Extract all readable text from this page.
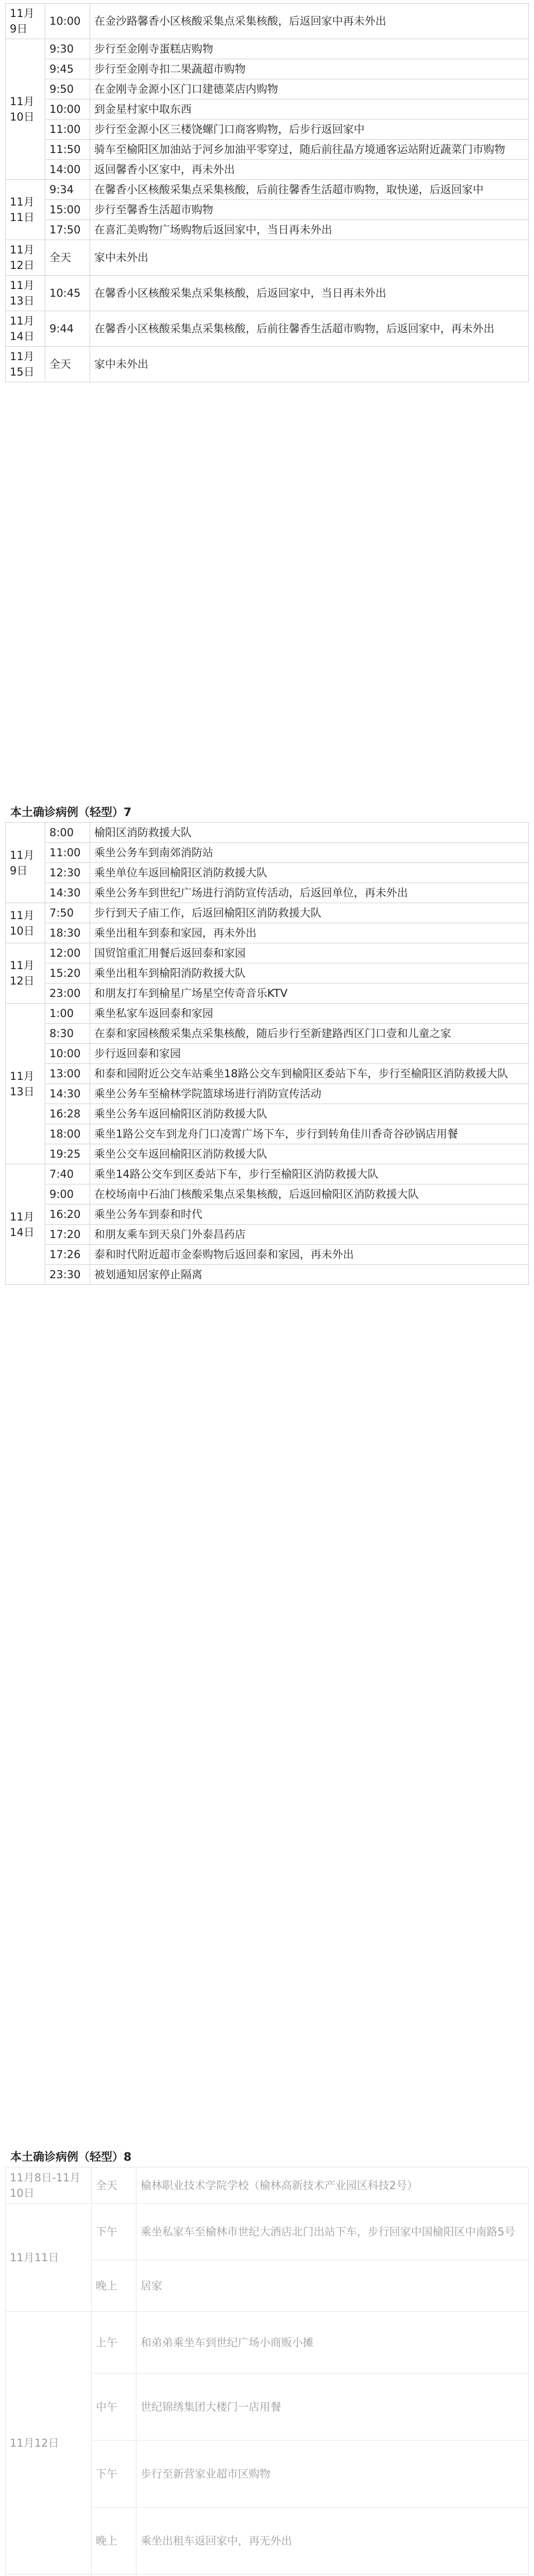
11月9日	10:00	在金沙路馨香小区核酸采集点采集核酸，后返回家中再未外出
11月10日	9:30	步行至金刚寺蛋糕店购物
	9:45	步行至金刚寺扣二果蔬超市购物
	9:50	在金刚寺金源小区门口建德菜店内购物
	10:00	到金星村家中取东西
	11:00	步行至金源小区三楼饶螺门口商客购物，后步行返回家中
	11:50	骑车至榆阳区加油站于河乡加油平零穿过，随后前往晶方境通客运站附近蔬菜门市购物
	14:00	返回馨香小区家中，再未外出
11月11日	9:34	在馨香小区核酸采集点采集核酸，后前往馨香生活超市购物，取快递，后返回家中
	15:00	步行至馨香生活超市购物
	17:50	在喜汇美购物广场购物后返回家中，当日再未外出
11月12日	全天	家中未外出
11月13日	10:45	在馨香小区核酸采集点采集核酸，后返回家中，当日再未外出
11月14日	9:44	在馨香小区核酸采集点采集核酸，后前往馨香生活超市购物，后返回家中，再未外出
11月15日	全天	家中未外出
本土确诊病例（轻型）7
11月9日	8:00	榆阳区消防救援大队
	11:00	乘坐公务车到南郊消防站
	12:30	乘坐单位车返回榆阳区消防救援大队
	14:30	乘坐公务车到世纪广场进行消防宣传活动，后返回单位，再未外出
11月10日	7:50	步行到天子庙工作，后返回榆阳区消防救援大队
	18:30	乘坐出租车到泰和家园，再未外出
11月12日	12:00	国贸馆重汇用餐后返回泰和家园
	15:20	乘坐出租车到榆阳消防救援大队
	23:00	和朋友打车到榆星广场星空传奇音乐KTV
11月13日	1:00	乘坐私家车返回泰和家园
	8:30	在泰和家园核酸采集点采集核酸，随后步行至新建路西区门口壹和儿童之家
	10:00	步行返回泰和家园
	13:00	和泰和园附近公交车站乘坐18路公交车到榆阳区委站下车，步行至榆阳区消防救援大队
	14:30	乘坐公务车至榆林学院篮球场进行消防宣传活动
	16:28	乘坐公务车返回榆阳区消防救援大队
	18:00	乘坐1路公交车到龙舟门口凌霄广场下车，步行到转角佳川香奇谷砂锅店用餐
	19:25	乘坐公交车返回榆阳区消防救援大队
11月14日	7:40	乘坐14路公交车到区委站下车，步行至榆阳区消防救援大队
	9:00	在校场南中石油门核酸采集点采集核酸，后返回榆阳区消防救援大队
	16:20	乘坐公务车到泰和时代
	17:20	和朋友乘车到天泉门外泰昌药店
	17:26	泰和时代附近超市金泰购物后返回泰和家园，再未外出
	23:30	被划通知居家停止隔离
本土确诊病例（轻型）8
11月8日-11月10日	全天	榆林职业技术学院学校（榆林高新技术产业园区科技2号）
11月11日	下午	乘坐私家车至榆林市世纪大酒店北门出站下车，步行回家中国榆阳区中南路5号
	晚上	居家
11月12日	上午	和弟弟乘坐车到世纪广场小商贩小摊
	中午	世纪锦绣集团大楼门一店用餐
	下午	步行至新营家业超市区购物
	晚上	乘坐出租车返回家中，再无外出
